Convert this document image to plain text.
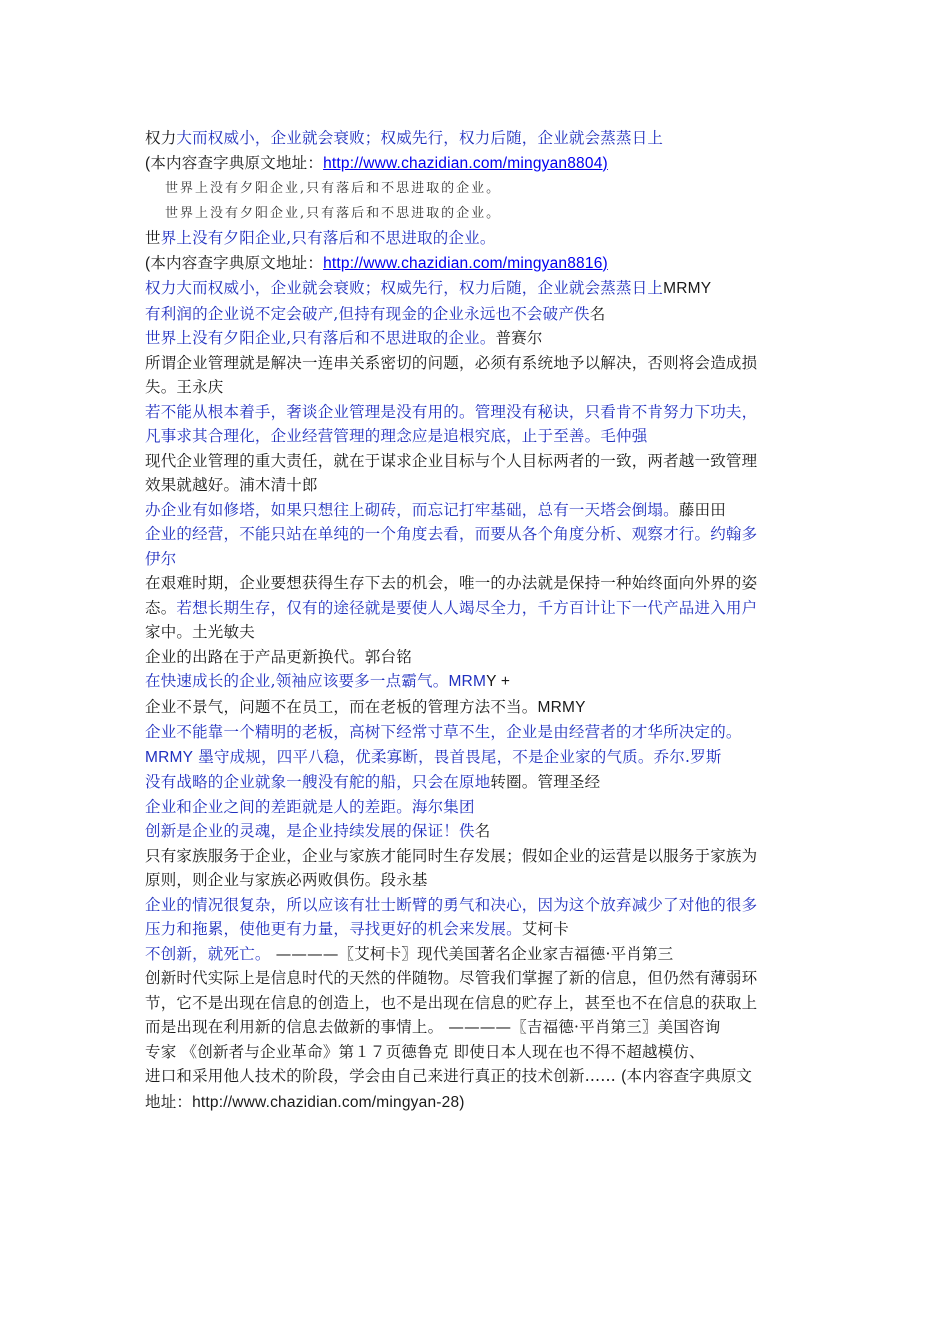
权力大而权威小，企业就会衰败；权威先行，权力后随，企业就会蒸蒸日上
(本内容查字典原文地址：http://www.chazidian.com/mingyan8804)
世界上没有夕阳企业,只有落后和不思进取的企业。
世界上没有夕阳企业,只有落后和不思进取的企业。
世界上没有夕阳企业,只有落后和不思进取的企业。
(本内容查字典原文地址：http://www.chazidian.com/mingyan8816)
权力大而权威小，企业就会衰败；权威先行，权力后随，企业就会蒸蒸日上MRMY
有利润的企业说不定会破产,但持有现金的企业永远也不会破产佚名
世界上没有夕阳企业,只有落后和不思进取的企业。普赛尔
所谓企业管理就是解决一连串关系密切的问题，必须有系统地予以解决，否则将会造成损
失。王永庆
若不能从根本着手，奢谈企业管理是没有用的。管理没有秘诀，只看肯不肯努力下功夫，
凡事求其合理化，企业经营管理的理念应是追根究底，止于至善。毛仲强
现代企业管理的重大责任，就在于谋求企业目标与个人目标两者的一致，两者越一致管理
效果就越好。浦木清十郎
办企业有如修塔，如果只想往上砌砖，而忘记打牢基础，总有一天塔会倒塌。藤田田
企业的经营，不能只站在单纯的一个角度去看，而要从各个角度分析、观察才行。约翰多
伊尔
在艰难时期，企业要想获得生存下去的机会，唯一的办法就是保持一种始终面向外界的姿
态。若想长期生存，仅有的途径就是要使人人竭尽全力，千方百计让下一代产品进入用户
家中。土光敏夫
企业的出路在于产品更新换代。郭台铭
在快速成长的企业,领袖应该要多一点霸气。MRMY +
企业不景气，问题不在员工，而在老板的管理方法不当。MRMY
企业不能靠一个精明的老板，高树下经常寸草不生，企业是由经营者的才华所决定的。
MRMY 墨守成规，四平八稳，优柔寡断，畏首畏尾，不是企业家的气质。乔尔.罗斯
没有战略的企业就象一艘没有舵的船，只会在原地转圈。管理圣经
企业和企业之间的差距就是人的差距。海尔集团
创新是企业的灵魂，是企业持续发展的保证！佚名
只有家族服务于企业，企业与家族才能同时生存发展；假如企业的运营是以服务于家族为
原则，则企业与家族必两败俱伤。段永基
企业的情况很复杂，所以应该有壮士断臂的勇气和决心，因为这个放弃减少了对他的很多
压力和拖累，使他更有力量，寻找更好的机会来发展。艾柯卡
不创新，就死亡。 ————〖艾柯卡〗现代美国著名企业家吉福德·平肖第三
创新时代实际上是信息时代的天然的伴随物。尽管我们掌握了新的信息，但仍然有薄弱环
节，它不是出现在信息的创造上，也不是出现在信息的贮存上，甚至也不在信息的获取上
而是出现在利用新的信息去做新的事情上。 ————〖吉福德·平肖第三〗美国咨询
专家 《创新者与企业革命》第１７页德鲁克 即使日本人现在也不得不超越模仿、
进口和采用他人技术的阶段，学会由自己来进行真正的技术创新…… (本内容查字典原文
地址：http://www.chazidian.com/mingyan-28)
